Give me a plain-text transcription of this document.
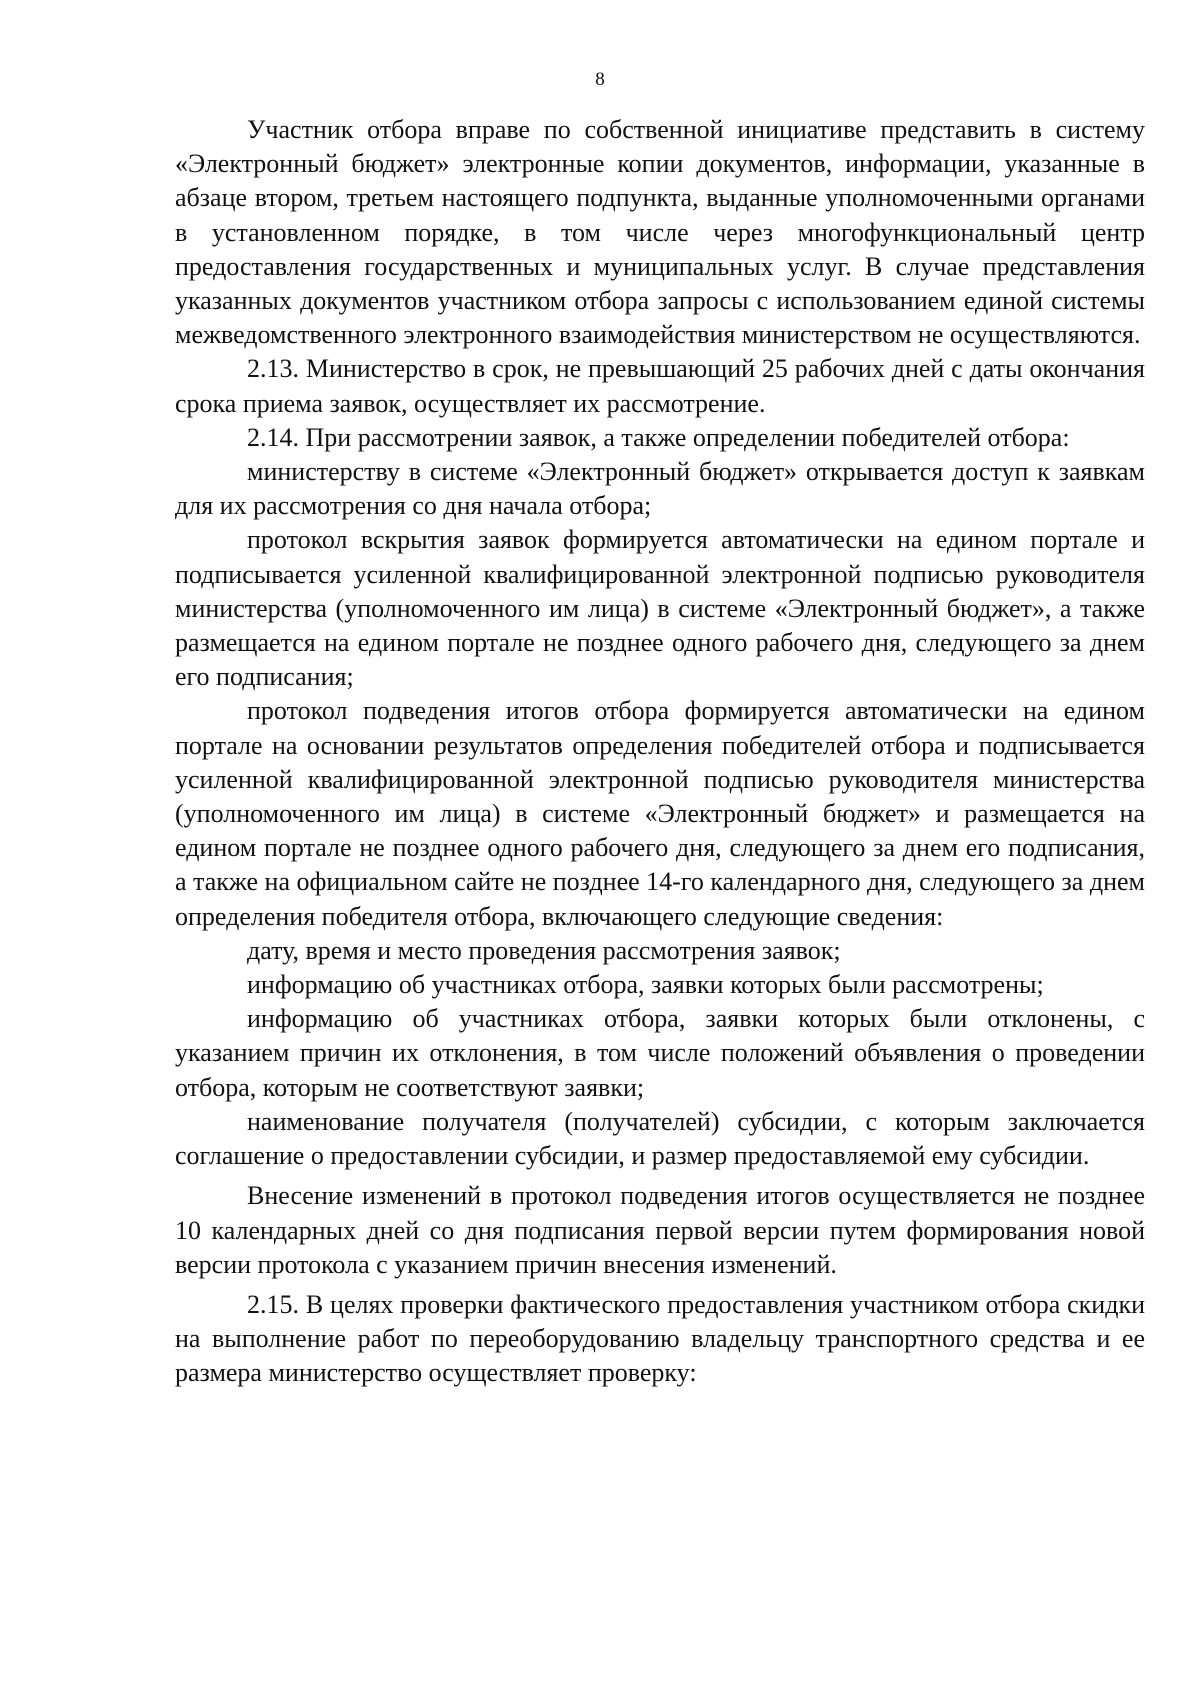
8

Участник отбора вправе по собственной инициативе представить в систему «Электронный бюджет» электронные копии документов, информации, указанные в абзаце втором, третьем настоящего подпункта, выданные уполномоченными органами в установленном порядке, в том числе через многофункциональный центр предоставления государственных и муниципальных услуг. В случае представления указанных документов участником отбора запросы с использованием единой системы межведомственного электронного взаимодействия министерством не осуществляются.

2.13. Министерство в срок, не превышающий 25 рабочих дней с даты окончания срока приема заявок, осуществляет их рассмотрение.

2.14. При рассмотрении заявок, а также определении победителей отбора:

министерству в системе «Электронный бюджет» открывается доступ к заявкам для их рассмотрения со дня начала отбора;

протокол вскрытия заявок формируется автоматически на едином портале и подписывается усиленной квалифицированной электронной подписью руководителя министерства (уполномоченного им лица) в системе «Электронный бюджет», а также размещается на едином портале не позднее одного рабочего дня, следующего за днем его подписания;

протокол подведения итогов отбора формируется автоматически на едином портале на основании результатов определения победителей отбора и подписывается усиленной квалифицированной электронной подписью руководителя министерства (уполномоченного им лица) в системе «Электронный бюджет» и размещается на едином портале не позднее одного рабочего дня, следующего за днем его подписания, а также на официальном сайте не позднее 14-го календарного дня, следующего за днем определения победителя отбора, включающего следующие сведения:

дату, время и место проведения рассмотрения заявок;

информацию об участниках отбора, заявки которых были рассмотрены;

информацию об участниках отбора, заявки которых были отклонены, с указанием причин их отклонения, в том числе положений объявления о проведении отбора, которым не соответствуют заявки;

наименование получателя (получателей) субсидии, с которым заключается соглашение о предоставлении субсидии, и размер предоставляемой ему субсидии.

Внесение изменений в протокол подведения итогов осуществляется не позднее 10 календарных дней со дня подписания первой версии путем формирования новой версии протокола с указанием причин внесения изменений.

2.15. В целях проверки фактического предоставления участником отбора скидки на выполнение работ по переоборудованию владельцу транспортного средства и ее размера министерство осуществляет проверку:
